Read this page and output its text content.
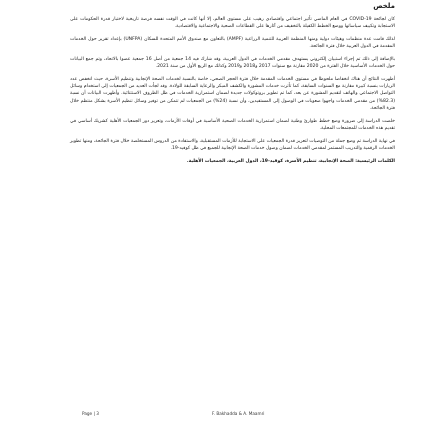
ملخص

كان لجائحة COVID-19 في العام الماضي تأثير اجتماعي واقتصادي رهيب على مستوى العالم، إلا أنها كانت في الوقت نفسه فرصة تاريخية لاختبار قدرة الحكومات على الاستجابة وتكييف سياساتها ووضع الخطط الكفيلة بالتخفيف من آثارها على القطاعات الصحية والاجتماعية والاقتصادية.

لذلك قامت عدة منظمات وهيئات دولية ومنها المنظمة العربية للتنمية الزراعية (AMPF) بالتعاون مع صندوق الأمم المتحدة للسكان (UNFPA) بإعداد تقرير حول الخدمات المقدمة في الدول العربية خلال فترة الجائحة.

بالإضافة إلى ذلك تم إجراء استبيان إلكتروني يستهدف مقدمي الخدمات في الدول العربية، وقد شارك فيه 14 جمعية من أصل 16 جمعية عضوا بالاتحاد، وتم جمع البيانات حول الخدمات الأساسية خلال الفترة من 2020 مقارنة مع سنوات 2017 و2018 و2019 وكذلك مع الربع الأول من سنة 2021.

أظهرت النتائج أن هناك انخفاضا ملحوظا في مستوى الخدمات المقدمة خلال فترة الحجر الصحي، خاصة بالنسبة لخدمات الصحة الإنجابية وتنظيم الأسرة، حيث انخفض عدد الزيارات بنسبة كبيرة مقارنة مع السنوات السابقة، كما تأثرت خدمات المشورة والكشف المبكر والرعاية السابقة للولادة. وقد لجأت العديد من الجمعيات إلى استخدام وسائل التواصل الاجتماعي والهاتف لتقديم المشورة عن بعد، كما تم تطوير بروتوكولات جديدة لضمان استمرارية الخدمات في ظل الظروف الاستثنائية. وأظهرت البيانات أن نسبة (82.3%) من مقدمي الخدمات واجهوا صعوبات في الوصول إلى المستفيدين، وأن نسبة (24%) من الجمعيات لم تتمكن من توفير وسائل تنظيم الأسرة بشكل منتظم خلال فترة الجائحة.

خلصت الدراسة إلى ضرورة وضع خطط طوارئ وطنية لضمان استمرارية الخدمات الصحية الأساسية في أوقات الأزمات، وتعزيز دور الجمعيات الأهلية كشريك أساسي في تقديم هذه الخدمات للمجتمعات المحلية.

في نهاية الدراسة تم وضع جملة من التوصيات لتعزيز قدرة الجمعيات على الاستجابة للأزمات المستقبلية، والاستفادة من الدروس المستخلصة خلال فترة الجائحة، ومنها تطوير الخدمات الرقمية والتدريب المستمر لمقدمي الخدمات لضمان وصول خدمات الصحة الإنجابية للجميع في ظل كوفيد-19.

الكلمات الرئيسية: الصحة الإنجابية، تنظيم الأسرة، كوفيد-19، الدول العربية، الجمعيات الأهلية.

Page | 3	F. Bakhadda & A. Maamri
